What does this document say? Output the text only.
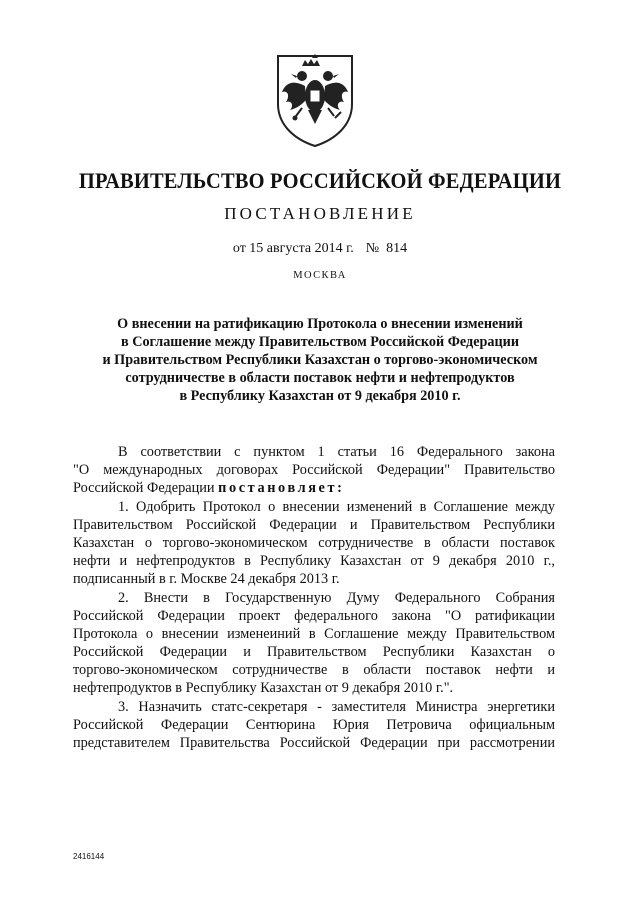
ПРАВИТЕЛЬСТВО РОССИЙСКОЙ ФЕДЕРАЦИИ
ПОСТАНОВЛЕНИЕ
от 15 августа 2014 г. № 814
МОСКВА
О внесении на ратификацию Протокола о внесении изменений
в Соглашение между Правительством Российской Федерации
и Правительством Республики Казахстан о торгово-экономическом
сотрудничестве в области поставок нефти и нефтепродуктов
в Республику Казахстан от 9 декабря 2010 г.
В соответствии с пунктом 1 статьи 16 Федерального закона
"О международных договорах Российской Федерации" Правительство
Российской Федерации постановляет:
1. Одобрить Протокол о внесении изменений в Соглашение между
Правительством Российской Федерации и Правительством Республики
Казахстан о торгово-экономическом сотрудничестве в области поставок
нефти и нефтепродуктов в Республику Казахстан от 9 декабря 2010 г.,
подписанный в г. Москве 24 декабря 2013 г.
2. Внести в Государственную Думу Федерального Собрания
Российской Федерации проект федерального закона "О ратификации
Протокола о внесении изменеиний в Соглашение между Правительством
Российской Федерации и Правительством Республики Казахстан о
торгово-экономическом сотрудничестве в области поставок нефти и
нефтепродуктов в Республику Казахстан от 9 декабря 2010 г.".
3. Назначить статс-секретаря - заместителя Министра энергетики
Российской Федерации Сентюрина Юрия Петровича официальным
представителем Правительства Российской Федерации при рассмотрении
2416144
